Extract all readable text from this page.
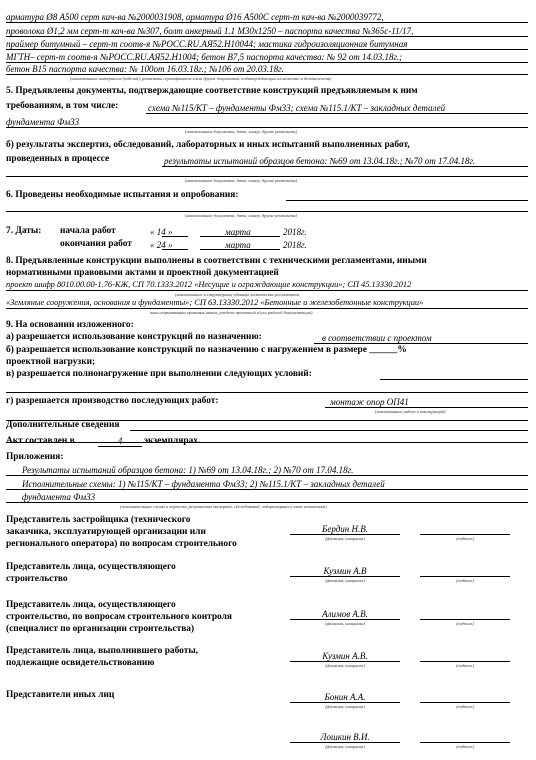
арматура Ø8 А500 серт кач-ва №2000031908, арматура Ø16 А500С серт-т кач-ва №2000039772,
проволока Ø1,2 мм серт-т кач-ва №307, болт анкерный 1.1 М30х1250 – паспорта качества №365с-11/17,
праймер битумный – серт-т соотв-я №РОСС.RU.АЯ52.Н10044; мастика гидроизоляционная битумная
МГТН– серт-т соотв-я №РОСС.RU.АЯ52.Н1004; бетон В7,5 паспорта качества: № 92 от 14.03.18г.;
бетон В15 паспорта качества: № 100от 16.03.18г.; №106 от 20.03.18г.
(наименование материалов (изделий), реквизиты сертификатов и/или других документов, подтверждающих их качество и безопасность)
5. Предъявлены документы, подтверждающие соответствие конструкций предъявляемым к ним
требованиям, в том числе:	схема №115/КТ – фундаменты Фм33; схема №115.1/КТ – закладных деталей
фундамента Фм33
(наименование документа, дата, номер, другие реквизиты)
б) результаты экспертиз, обследований, лабораторных и иных испытаний выполненных работ,
проведенных в процессе	результаты испытаний образцов бетона: №69 от 13.04.18г.; №70 от 17.04.18г.
(наименование документа, дата, номер, другие реквизиты)
6. Проведены необходимые испытания и опробования:
(наименование документа, дата, номер, другие реквизиты)
7. Даты: начала работ	« 14 »	марта	2018г.
окончания работ « 24 »	марта	2018г.
8. Предъявленные конструкции выполнены в соответствии с техническими регламентами, иными
нормативными правовыми актами и проектной документацией
проект шифр 8010.00.00-1.76-КЖ, СП 70.1333.2012 «Несущие и ограждающие конструкции»; СП 45.13330.2012
(наименование и структурные единицы технических регламентов,
«Земляные сооружения, основания и фундаменты»; СП 63.13330.2012 «Бетонные и железобетонные конструкции»
иных нормативных правовых актов, разделы проектной и/или рабочей документации)
9. На основании изложенного:
а) разрешается использование конструкций по назначению:	в соответствии с проектом
б) разрешается использование конструкций по назначению с нагружением в размере ______%
проектной нагрузки;
в) разрешается полнонагружение при выполнении следующих условий:
г) разрешается производство последующих работ:	монтаж опор ОП41
(наименование работ и конструкций)
Дополнительные сведения
Акт составлен в	4	экземплярах.
Приложения:
Результаты испытаний образцов бетона: 1) №69 от 13.04.18г.; 2) №70 от 17.04.18г.
Исполнительные схемы: 1) №115/КТ – фундамента Фм33; 2) №115.1/КТ – закладных деталей
фундамента Фм33
(исполнительные схемы и чертежи, результаты экспертиз, обследований, лабораторных и иных испытаний)
Представитель застройщика (технического
заказчика, эксплуатирующей организации или
регионального оператора) по вопросам строительного
Бердин Н.В.
(фамилия, инициалы)	(подпись)
Представитель лица, осуществляющего
строительство
Кузмин А.В
(фамилия, инициалы)	(подпись)
Представитель лица, осуществляющего
строительство, по вопросам строительного контроля
(специалист по организации строительства)
Алимов А.В.
(фамилия, инициалы)	(подпись)
Представитель лица, выполнившего работы,
подлежащие освидетельствованию
Кузмин А.В.
(фамилия, инициалы)	(подпись)
Представители иных лиц	Бонин А.А.
(фамилия, инициалы)	(подпись)
Лошкин В.И.
(фамилия, инициалы)	(подпись)
